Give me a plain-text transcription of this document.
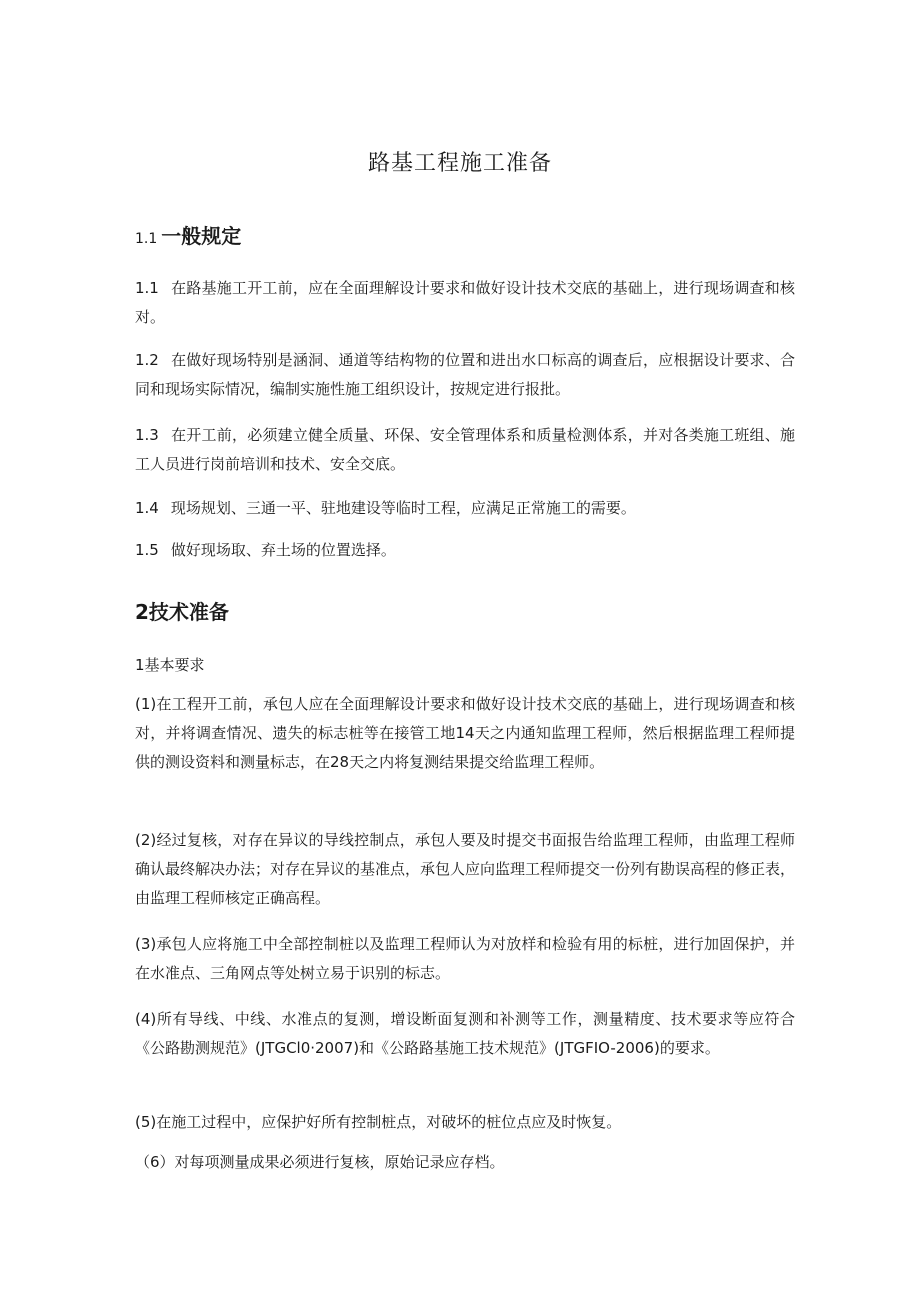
路基工程施工准备
1.1 一般规定

1.1 在路基施工开工前，应在全面理解设计要求和做好设计技术交底的基础上，进行现场调查和核对。

1.2 在做好现场特别是涵洞、通道等结构物的位置和进出水口标高的调查后，应根据设计要求、合同和现场实际情况，编制实施性施工组织设计，按规定进行报批。

1.3 在开工前，必须建立健全质量、环保、安全管理体系和质量检测体系，并对各类施工班组、施工人员进行岗前培训和技术、安全交底。

1.4 现场规划、三通一平、驻地建设等临时工程，应满足正常施工的需要。

1.5 做好现场取、弃土场的位置选择。

2技术准备
1基本要求

(1)在工程开工前，承包人应在全面理解设计要求和做好设计技术交底的基础上，进行现场调查和核对，并将调查情况、遗失的标志桩等在接管工地14天之内通知监理工程师，然后根据监理工程师提供的测设资料和测量标志，在28天之内将复测结果提交给监理工程师。

(2)经过复核，对存在异议的导线控制点，承包人要及时提交书面报告给监理工程师，由监理工程师确认最终解决办法；对存在异议的基准点，承包人应向监理工程师提交一份列有勘误高程的修正表，由监理工程师核定正确高程。

(3)承包人应将施工中全部控制桩以及监理工程师认为对放样和检验有用的标桩，进行加固保护，并在水准点、三角网点等处树立易于识别的标志。

(4)所有导线、中线、水准点的复测，增设断面复测和补测等工作，测量精度、技术要求等应符合《公路勘测规范》(JTGCl0·2007)和《公路路基施工技术规范》(JTGFIO-2006)的要求。

(5)在施工过程中，应保护好所有控制桩点，对破坏的桩位点应及时恢复。

（6）对每项测量成果必须进行复核，原始记录应存档。
